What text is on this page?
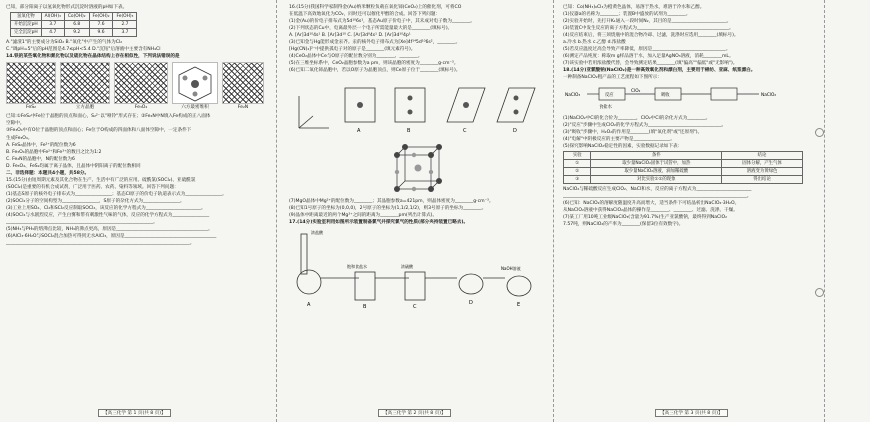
已知，部分阳离子以氢氧化物形式沉淀时溶液的pH如下表。
氢氧化物	Al(OH)₃	Co(OH)₂	Fe(OH)₂	Fe(OH)₃
开始沉淀pH	3.7	6.8	7.6	2.7
完全沉淀pH	4.7	9.2	9.6	3.7
A."滤渣1"的主要成分为SiO₂ B."氧化"中产生的气体为Cl₂
C."调pH=5"后的pH范围是4.7≤pH<5.4 D."沉钴"后溶液中主要含有NH₄Cl
14.铁的某些氧化物和氮化物以及硫化物在晶体结构上存在相似性，下列说法错误的是
FeS₂	立方晶胞	Fe₃O₄	六方最密堆积	Fe₂N
已知:①FeS₂中Fe位于晶胞的顶点和面心，S₂²⁻以"哑铃"形式存在；②Fe₂N中N填入Fe构成的正八面体
空隙中。
③Fe₃O₄中有O位于晶胞的顶点和面心；Fe位于O构成的四面体和八面体空隙中，一定条件下
生成Fe₃O₄。
A. FeS₂晶体中，Fe²⁺的配位数为6
B. Fe₃O₄的晶胞中Fe²⁺和Fe³⁺的数目之比为1:2
C. Fe₂N的晶胞中，N的配位数为6
D. Fe₃O₄、FeS₂均属于离子晶体，且晶体中阴阳离子的配位数相同
二、非选择题：本题共4小题，共58分。
15.(15分)由短周期元素及其化合物在生产、生活中有广泛的应用。硫酰氯(SOCl₂)、亚硫酰氯
(SOCl₂)是重要的有机合成试剂，广泛用于医药、农药、染料等领域。回答下列问题：
(1)基态S原子的核外电子排布式为________________；基态Cl原子的价电子轨道表示式为________________。
(2)SOCl₂分子的空间构型为________________，S原子的杂化方式为________________。
(3)工业上用SO₂、Cl₂和SCl₂反应制取SOCl₂，该反应的化学方程式为________________________。
(4)SOCl₂与水剧烈反应，产生白雾和带有刺激性气味的气体，反应的化学方程式为________________
________________________________________________________________。
(5)NH₃与PH₃的熔沸点比较，NH₃的沸点更高，原因是________________________________________。
(6)AlCl₃·6H₂O与SOCl₂混合加热可得到无水AlCl₃，原因是________________________________________
________________________________________________________________________________。
【高三化学 第 1 页(共 8 页)】
16.(15分)我国科学家制得金(Au)纳米颗粒负载在氧化铈(CeO₂)上的催化剂，可将CO
在低温下高效地氧化为CO₂，同时还可以催化甲醇的合成。回答下列问题：
(1)金(Au)的价电子排布式为5d¹⁰6s¹，基态Au原子价电子中，其未成对电子数为________。
(2)下列状态的Cu中，电离最外层一个电子所需能量最大的是________(填标号)。
A. [Ar]3d¹⁰4s¹ B. [Ar]3d¹⁰ C. [Ar]3d⁹4s¹ D. [Ar]3d¹⁰4p¹
(3)已知金与Hg能形成金汞齐。汞的核外电子排布式为[Xe]4f¹⁴5d¹⁰6s²，________。
[Hg(CN)₄]²⁻中提供孤电子对的原子是________(填元素符号)。
(4)CeO₂晶体中Ce与O原子的配位数分别为________、________。
(5)在三维坐标系中，CeO₂晶胞参数为a pm，则该晶胞的密度为________g·cm⁻³。
(6)已知二氧化铈晶胞中，若以O原子为晶胞顶点，则Ce原子位于________(填标号)。
A	B	C	D
(7)MgO晶体中Mg²⁺的配位数为________；其晶胞参数a=421pm，则晶体密度为________g·cm⁻³。
(8)已知1号原子的坐标为(0,0,0)，2号原子的坐标为(1,1/2,1/2)，则3号原子的坐标为________。
(9)晶体中距离最近的两个Mg²⁺之间的距离为________pm(列出计算式)。
17.(14分)实验室利用如图所示装置制备氯气并探究氯气的性质(部分夹持装置已略去)。
A	B	C
D	E
浓盐酸
饱和食盐水	浓硫酸	NaOH溶液
【高三化学 第 2 页(共 8 页)】
已知：Co(NH₃)₆Cl₃为橙黄色晶体，易溶于热水，难溶于冷水和乙醇。
(1)仪器a的名称为________；装置B中盛放的试剂为________。
(2)实验开始时，先打开K₁通入一段时间N₂，其目的是________________________。
(3)装置C中发生反应的离子方程式为________________________________________。
(4)反应结束后，将三颈烧瓶中的混合物冷却、过滤，洗涤时应选用________(填标号)。
a.冷水 b.热水 c.乙醇 d.浓盐酸
(5)若反应温度过高会导致产率降低，原因是________________________________。
(6)测定产品纯度：称取m g样品溶于水，加入足量AgNO₃溶液，消耗________mL。
(7)该实验中若用浓盐酸代替，会导致测定结果________(填"偏高""偏低"或"无影响")。
18.(14分)亚氯酸钠(NaClO₂)是一种高效氧化剂和漂白剂，主要用于棉纺、亚麻、纸浆漂白。
一种制备NaClO₂粗产品的工艺流程如下图所示：
NaClO₃
食盐水
反应
ClO₂
吸收	NaClO₂
(1)NaClO₂中Cl的化合价为________，ClO₂中Cl的杂化方式为________。
(2)"反应"步骤中生成ClO₂的化学方程式为________________________________。
(3)"吸收"步骤中，H₂O₂的作用是________(填"氧化剂"或"还原剂")。
(4)"电解"中阴极反应的主要产物是________________。
(5)探究影响NaClO₂稳定性的因素，实验数据记录如下表：
实验	条件	结论
①	取少量NaClO₂固体于试管中，加热	固体分解，产生气体
②	取少量NaClO₂溶液，滴加稀硫酸	溶液变为黄绿色
③	对比实验①②的现象	得出结论
NaClO₂与稀硫酸反应生成ClO₂、NaCl和水，反应的离子方程式为________________________
________________________________________________________________________________。
(6)已知：NaClO₂的溶解度随温度升高而增大，适当条件下可结晶析出NaClO₂·3H₂O。
从NaClO₂溶液中获得NaClO₂晶体的操作是________、________、过滤、洗涤、干燥。
(7)某工厂用10吨工业级NaClO₃(含量为91.7%)生产亚氯酸钠，最终得到NaClO₂
7.57吨，则NaClO₂的产率为________(保留3位有效数字)。
【高三化学 第 3 页(共 8 页)】
